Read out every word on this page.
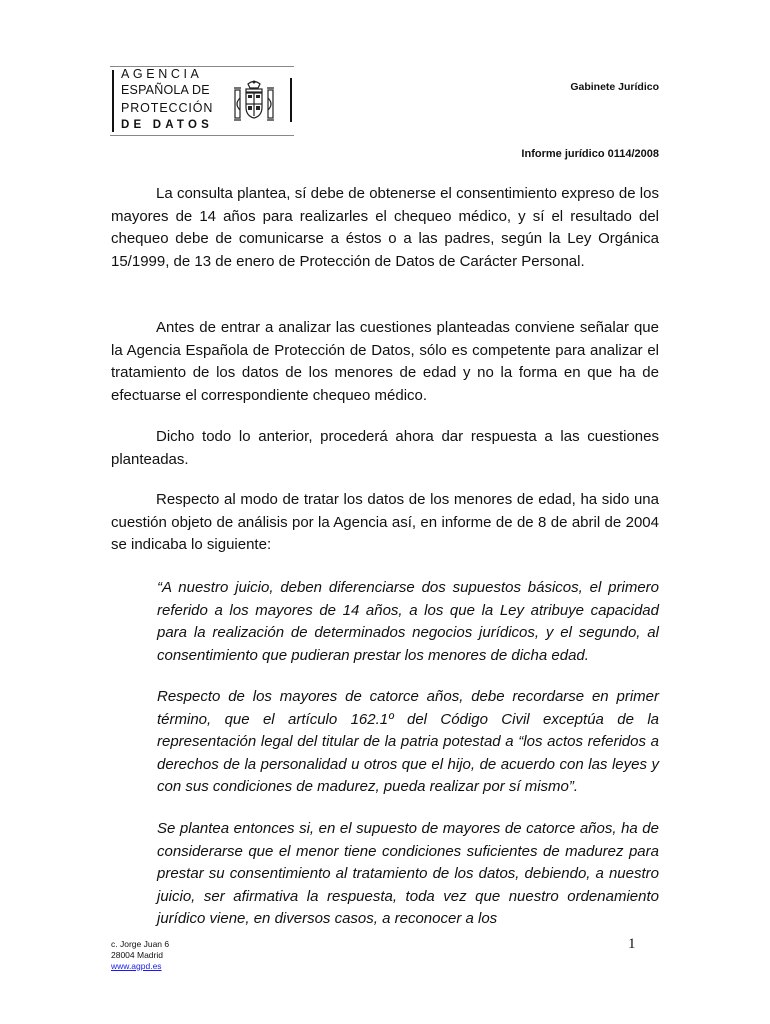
AGENCIA
ESPAÑOLA DE
PROTECCIÓN
DE DATOS
Gabinete Jurídico
Informe jurídico 0114/2008

La consulta plantea, sí debe de obtenerse el consentimiento expreso de los mayores de 14 años para realizarles el chequeo médico, y sí el resultado del chequeo debe de comunicarse a éstos o a las padres, según la Ley Orgánica 15/1999, de 13 de enero de Protección de Datos de Carácter Personal.

Antes de entrar a analizar las cuestiones planteadas conviene señalar que la Agencia Española de Protección de Datos, sólo es competente para analizar el tratamiento de los datos de los menores de edad y no la forma en que ha de efectuarse el correspondiente chequeo médico.

Dicho todo lo anterior, procederá ahora dar respuesta a las cuestiones planteadas.

Respecto al modo de tratar los datos de los menores de edad, ha sido una cuestión objeto de análisis por la Agencia así, en informe de de 8 de abril de 2004 se indicaba lo siguiente:

“A nuestro juicio, deben diferenciarse dos supuestos básicos, el primero referido a los mayores de 14 años, a los que la Ley atribuye capacidad para la realización de determinados negocios jurídicos, y el segundo, al consentimiento que pudieran prestar los menores de dicha edad.

Respecto de los mayores de catorce años, debe recordarse en primer término, que el artículo 162.1º del Código Civil exceptúa de la representación legal del titular de la patria potestad a “los actos referidos a derechos de la personalidad u otros que el hijo, de acuerdo con las leyes y con sus condiciones de madurez, pueda realizar por sí mismo”.

Se plantea entonces si, en el supuesto de mayores de catorce años, ha de considerarse que el menor tiene condiciones suficientes de madurez para prestar su consentimiento al tratamiento de los datos, debiendo, a nuestro juicio, ser afirmativa la respuesta, toda vez que nuestro ordenamiento jurídico viene, en diversos casos, a reconocer a los

c. Jorge Juan 6
28004 Madrid
www.agpd.es
1
